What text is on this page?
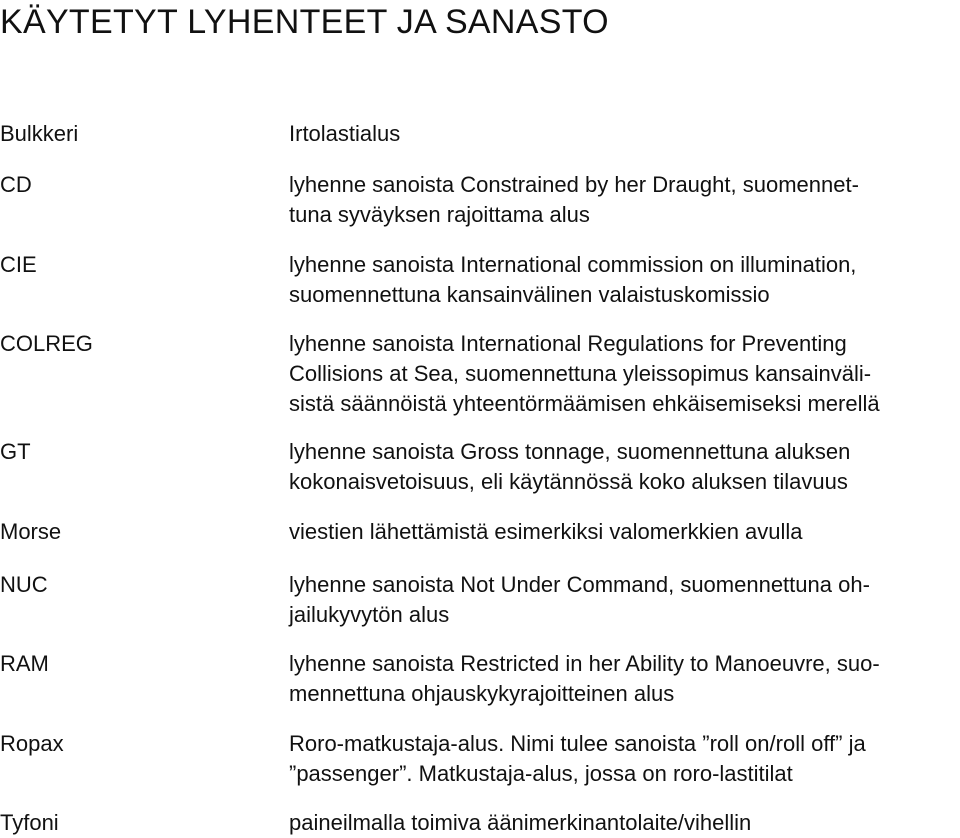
KÄYTETYT LYHENTEET JA SANASTO
Bulkkeri	Irtolastialus
CD	lyhenne sanoista Constrained by her Draught, suomennet-
tuna syväyksen rajoittama alus
CIE	lyhenne sanoista International commission on illumination,
suomennettuna kansainvälinen valaistuskomissio
COLREG	lyhenne sanoista International Regulations for Preventing
Collisions at Sea, suomennettuna yleissopimus kansainväli-
sistä säännöistä yhteentörmäämisen ehkäisemiseksi merellä
GT	lyhenne sanoista Gross tonnage, suomennettuna aluksen
kokonaisvetoisuus, eli käytännössä koko aluksen tilavuus
Morse	viestien lähettämistä esimerkiksi valomerkkien avulla
NUC	lyhenne sanoista Not Under Command, suomennettuna oh-
jailukyvytön alus
RAM	lyhenne sanoista Restricted in her Ability to Manoeuvre, suo-
mennettuna ohjauskykyrajoitteinen alus
Ropax	Roro-matkustaja-alus. Nimi tulee sanoista ”roll on/roll off” ja
”passenger”. Matkustaja-alus, jossa on roro-lastitilat
Tyfoni	paineilmalla toimiva äänimerkinantolaite/vihellin
